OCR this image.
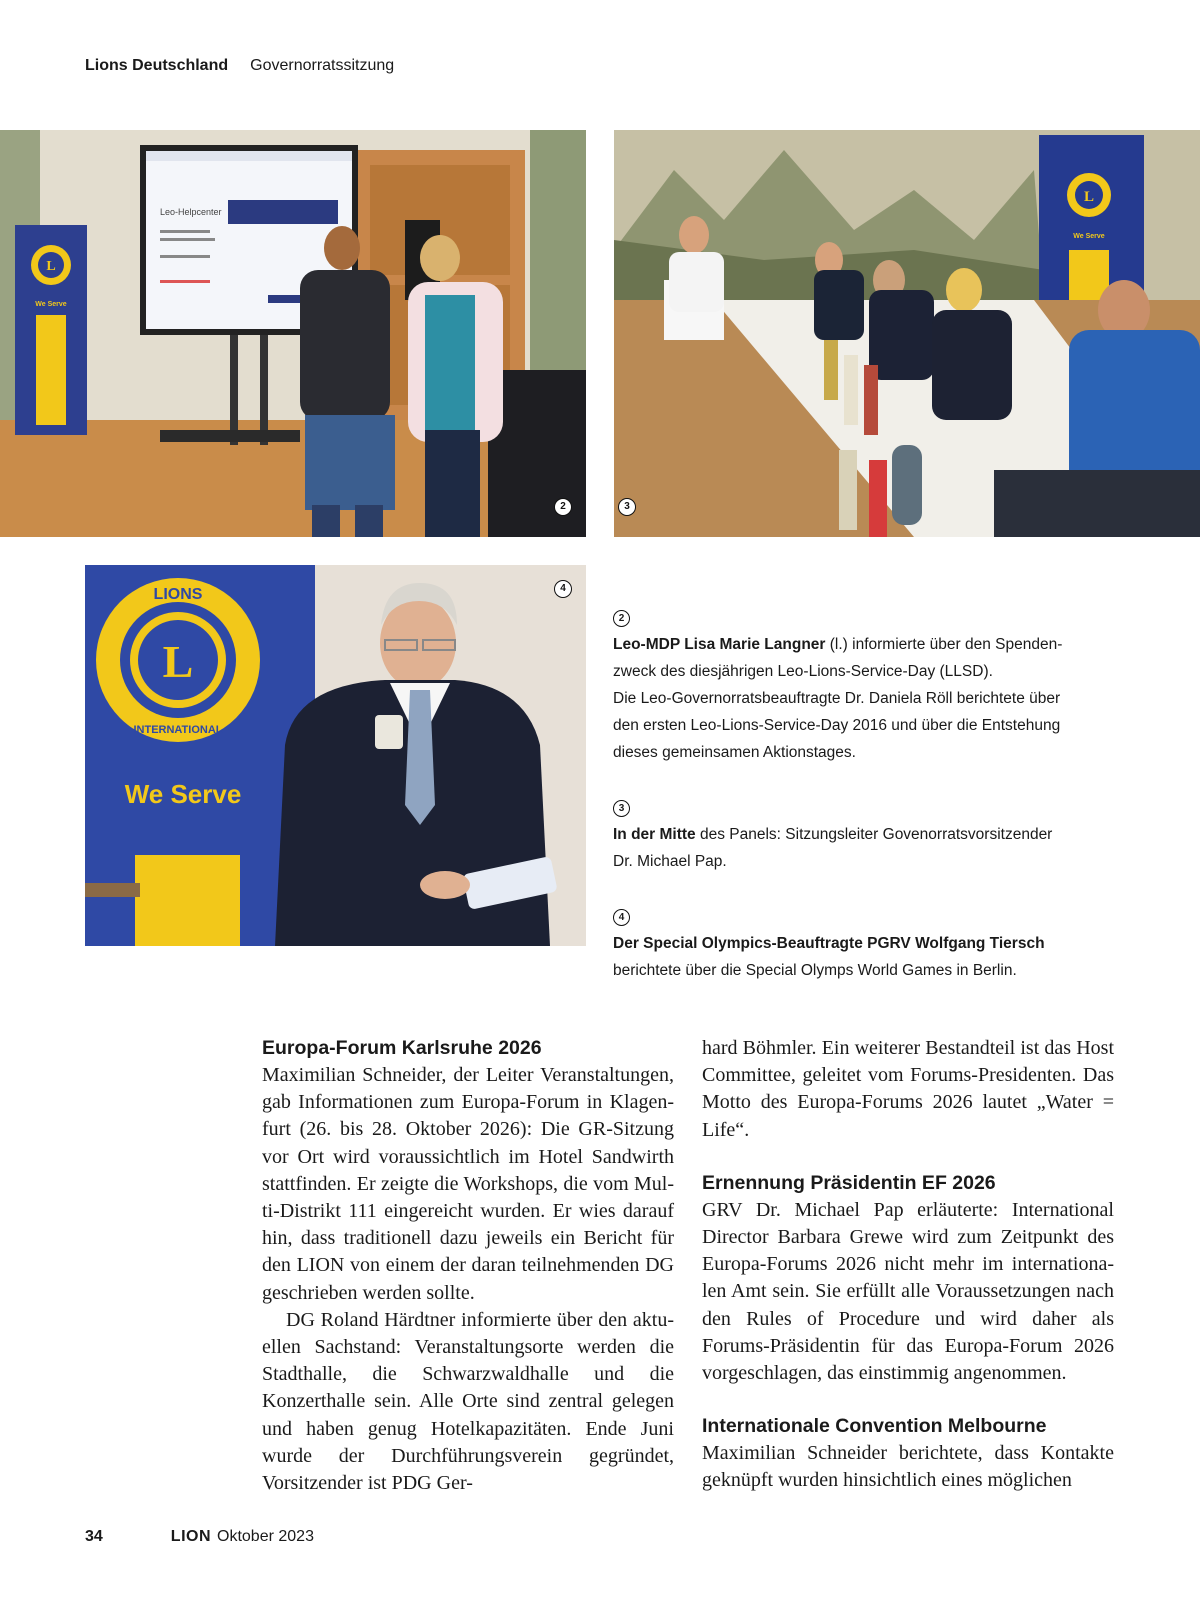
Lions Deutschland Governorratssitzung
L
We Serve
Leo-Helpcenter
2
L
We Serve
3
L
LIONS
INTERNATIONAL
We Serve
4

2

Leo-MDP Lisa Marie Langner (l.) informierte über den Spenden-
zweck des diesjährigen Leo-Lions-Service-Day (LLSD).
Die Leo-Governorratsbeauftragte Dr. Daniela Röll berichtete über
den ersten Leo-Lions-Service-Day 2016 und über die Entstehung
dieses gemeinsamen Aktionstages.

3

In der Mitte des Panels: Sitzungsleiter Govenorratsvorsitzender
Dr. Michael Pap.

4

Der Special Olympics-Beauftragte PGRV Wolfgang Tiersch
berichtete über die Special Olymps World Games in Berlin.

Europa-Forum Karlsruhe 2026

Maximilian Schneider, der Leiter Veranstaltungen, gab Informationen zum Europa-Forum in Klagenfurt (26. bis 28. Oktober 2026): Die GR-Sitzung vor Ort wird voraussichtlich im Hotel Sandwirth stattfinden. Er zeigte die Workshops, die vom Multi-Distrikt 111 eingereicht wurden. Er wies darauf hin, dass traditionell dazu jeweils ein Bericht für den LION von einem der daran teilnehmenden DG geschrieben werden sollte.

DG Roland Härdtner informierte über den aktuellen Sachstand: Veranstaltungsorte werden die Stadthalle, die Schwarzwaldhalle und die Konzerthalle sein. Alle Orte sind zentral gelegen und haben genug Hotelkapazitäten. Ende Juni wurde der Durchführungsverein gegründet, Vorsitzender ist PDG Ger-

hard Böhmler. Ein weiterer Bestandteil ist das Host Committee, geleitet vom Forums-Presidenten. Das Motto des Europa-Forums 2026 lautet „Water = Life“.

Ernennung Präsidentin EF 2026

GRV Dr. Michael Pap erläuterte: International Director Barbara Grewe wird zum Zeitpunkt des Europa-Forums 2026 nicht mehr im internationalen Amt sein. Sie erfüllt alle Voraussetzungen nach den Rules of Procedure und wird daher als Forums-Präsidentin für das Europa-Forum 2026 vorgeschlagen, das einstimmig angenommen.

Internationale Convention Melbourne

Maximilian Schneider berichtete, dass Kontakte geknüpft wurden hinsichtlich eines möglichen

34	LION Oktober 2023
